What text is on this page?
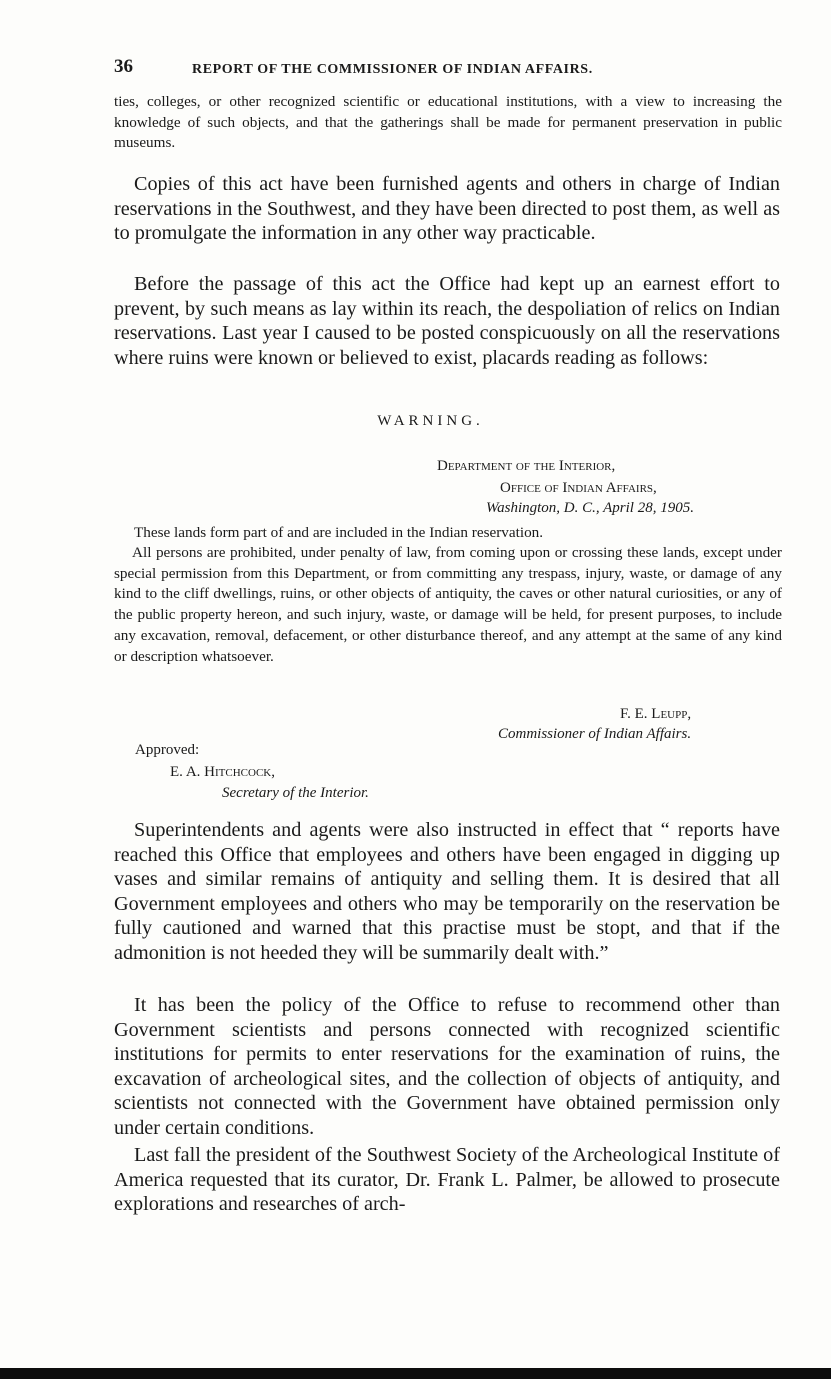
36	REPORT OF THE COMMISSIONER OF INDIAN AFFAIRS.

ties, colleges, or other recognized scientific or educational institutions, with a view to increasing the knowledge of such objects, and that the gatherings shall be made for permanent preservation in public museums.

Copies of this act have been furnished agents and others in charge of Indian reservations in the Southwest, and they have been directed to post them, as well as to promulgate the information in any other way practicable.

Before the passage of this act the Office had kept up an earnest effort to prevent, by such means as lay within its reach, the despoliation of relics on Indian reservations. Last year I caused to be posted conspicuously on all the reservations where ruins were known or believed to exist, placards reading as follows:

WARNING.
Department of the Interior,
Office of Indian Affairs,
Washington, D. C., April 28, 1905.

These lands form part of and are included in the Indian reservation.

All persons are prohibited, under penalty of law, from coming upon or crossing these lands, except under special permission from this Department, or from committing any trespass, injury, waste, or damage of any kind to the cliff dwellings, ruins, or other objects of antiquity, the caves or other natural curiosities, or any of the public property hereon, and such injury, waste, or damage will be held, for present purposes, to include any excavation, removal, defacement, or other disturbance thereof, and any attempt at the same of any kind or description whatsoever.

F. E. Leupp,
Commissioner of Indian Affairs.
Approved:
E. A. Hitchcock,
Secretary of the Interior.

Superintendents and agents were also instructed in effect that “ reports have reached this Office that employees and others have been engaged in digging up vases and similar remains of antiquity and selling them. It is desired that all Government employees and others who may be temporarily on the reservation be fully cautioned and warned that this practise must be stopt, and that if the admonition is not heeded they will be summarily dealt with.”

It has been the policy of the Office to refuse to recommend other than Government scientists and persons connected with recognized scientific institutions for permits to enter reservations for the examination of ruins, the excavation of archeological sites, and the collection of objects of antiquity, and scientists not connected with the Government have obtained permission only under certain conditions.

Last fall the president of the Southwest Society of the Archeological Institute of America requested that its curator, Dr. Frank L. Palmer, be allowed to prosecute explorations and researches of arch-
